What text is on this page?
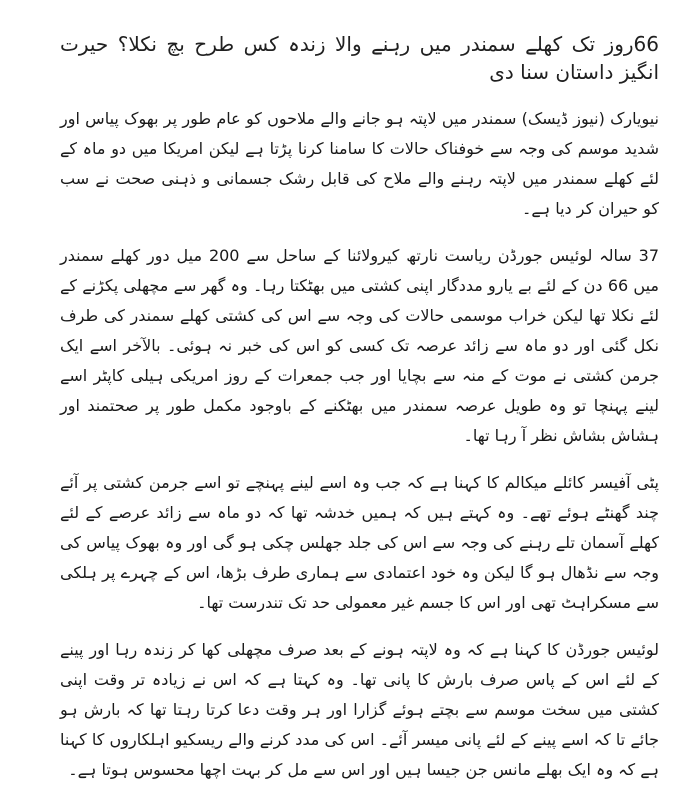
66روز تک کھلے سمندر میں رہنے والا زندہ کس طرح بچ نکلا؟ حیرت انگیز داستان سنا دی

نیویارک (نیوز ڈیسک) سمندر میں لاپتہ ہو جانے والے ملاحوں کو عام طور پر بھوک پیاس اور شدید موسم کی وجہ سے خوفناک حالات کا سامنا کرنا پڑتا ہے لیکن امریکا میں دو ماہ کے لئے کھلے سمندر میں لاپتہ رہنے والے ملاح کی قابل رشک جسمانی و ذہنی صحت نے سب کو حیران کر دیا ہے۔

37 سالہ لوئیس جورڈن ریاست نارتھ کیرولائنا کے ساحل سے 200 میل دور کھلے سمندر میں 66 دن کے لئے بے یارو مددگار اپنی کشتی میں بھٹکتا رہا۔ وہ گھر سے مچھلی پکڑنے کے لئے نکلا تھا لیکن خراب موسمی حالات کی وجہ سے اس کی کشتی کھلے سمندر کی طرف نکل گئی اور دو ماہ سے زائد عرصہ تک کسی کو اس کی خبر نہ ہوئی۔ بالآخر اسے ایک جرمن کشتی نے موت کے منہ سے بچایا اور جب جمعرات کے روز امریکی ہیلی کاپٹر اسے لینے پہنچا تو وہ طویل عرصہ سمندر میں بھٹکنے کے باوجود مکمل طور پر صحتمند اور ہشاش بشاش نظر آ رہا تھا۔

پٹی آفیسر کائلے میکالم کا کہنا ہے کہ جب وہ اسے لینے پہنچے تو اسے جرمن کشتی پر آئے چند گھنٹے ہوئے تھے۔ وہ کہتے ہیں کہ ہمیں خدشہ تھا کہ دو ماہ سے زائد عرصے کے لئے کھلے آسمان تلے رہنے کی وجہ سے اس کی جلد جھلس چکی ہو گی اور وہ بھوک پیاس کی وجہ سے نڈھال ہو گا لیکن وہ خود اعتمادی سے ہماری طرف بڑھا، اس کے چہرے پر ہلکی سے مسکراہٹ تھی اور اس کا جسم غیر معمولی حد تک تندرست تھا۔

لوئیس جورڈن کا کہنا ہے کہ وہ لاپتہ ہونے کے بعد صرف مچھلی کھا کر زندہ رہا اور پینے کے لئے اس کے پاس صرف بارش کا پانی تھا۔ وہ کہتا ہے کہ اس نے زیادہ تر وقت اپنی کشتی میں سخت موسم سے بچتے ہوئے گزارا اور ہر وقت دعا کرتا رہتا تھا کہ بارش ہو جائے تا کہ اسے پینے کے لئے پانی میسر آئے۔ اس کی مدد کرنے والے ریسکیو اہلکاروں کا کہنا ہے کہ وہ ایک بھلے مانس جن جیسا ہیں اور اس سے مل کر بہت اچھا محسوس ہوتا ہے۔
